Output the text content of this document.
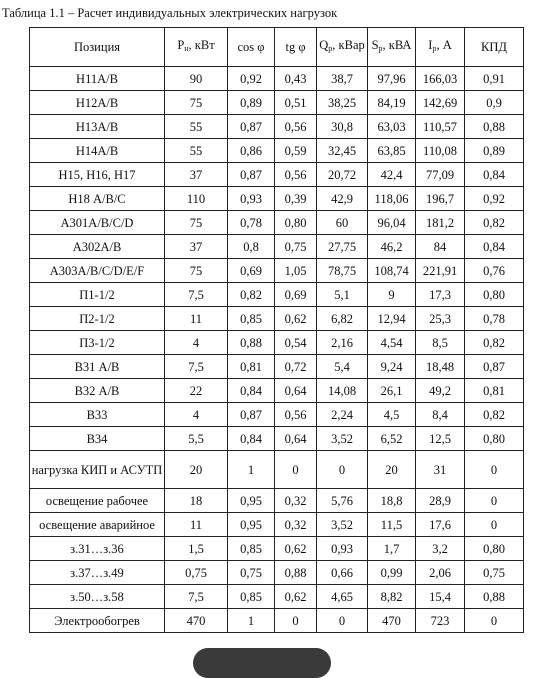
Таблица 1.1 – Расчет индивидуальных электрических нагрузок
Позиция	$P_н$, кВт	cos φ	tg φ	$Q_р$, кВар	$S_р$, кВА	$I_р$, А	КПД
Н11А/В	90	0,92	0,43	38,7	97,96	166,03	0,91
Н12А/В	75	0,89	0,51	38,25	84,19	142,69	0,9
Н13А/В	55	0,87	0,56	30,8	63,03	110,57	0,88
Н14А/В	55	0,86	0,59	32,45	63,85	110,08	0,89
Н15, Н16, Н17	37	0,87	0,56	20,72	42,4	77,09	0,84
Н18 А/В/С	110	0,93	0,39	42,9	118,06	196,7	0,92
А301А/В/С/D	75	0,78	0,80	60	96,04	181,2	0,82
А302А/В	37	0,8	0,75	27,75	46,2	84	0,84
А303А/В/С/D/E/F	75	0,69	1,05	78,75	108,74	221,91	0,76
П1-1/2	7,5	0,82	0,69	5,1	9	17,3	0,80
П2-1/2	11	0,85	0,62	6,82	12,94	25,3	0,78
П3-1/2	4	0,88	0,54	2,16	4,54	8,5	0,82
В31 А/В	7,5	0,81	0,72	5,4	9,24	18,48	0,87
В32 А/В	22	0,84	0,64	14,08	26,1	49,2	0,81
В33	4	0,87	0,56	2,24	4,5	8,4	0,82
В34	5,5	0,84	0,64	3,52	6,52	12,5	0,80
нагрузка КИП и АСУТП	20	1	0	0	20	31	0
освещение рабочее	18	0,95	0,32	5,76	18,8	28,9	0
освещение аварийное	11	0,95	0,32	3,52	11,5	17,6	0
з.31…з.36	1,5	0,85	0,62	0,93	1,7	3,2	0,80
з.37…з.49	0,75	0,75	0,88	0,66	0,99	2,06	0,75
з.50…з.58	7,5	0,85	0,62	4,65	8,82	15,4	0,88
Электрообогрев	470	1	0	0	470	723	0
